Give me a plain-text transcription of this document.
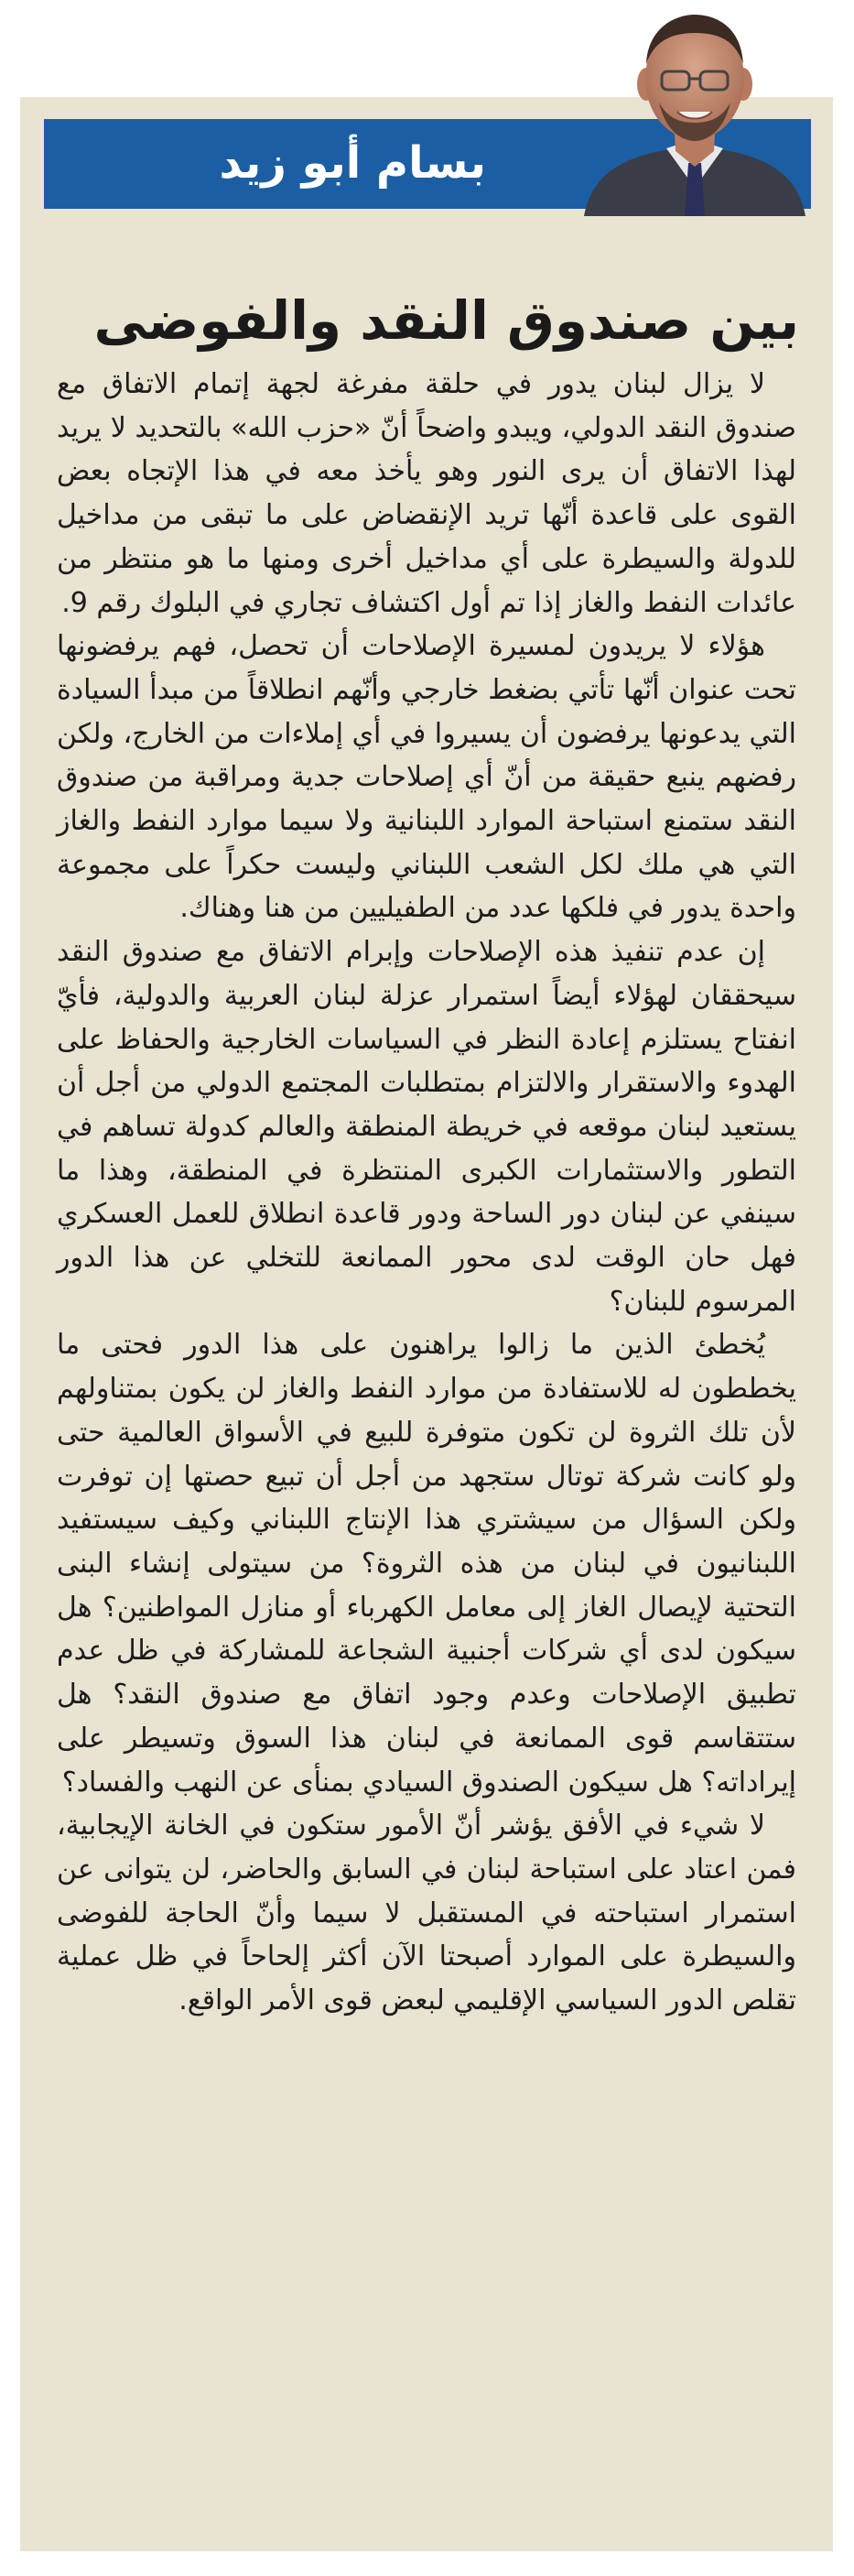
بسام أبو زيد
بين صندوق النقد والفوضى

لا يزال لبنان يدور في حلقة مفرغة لجهة إتمام الاتفاق مع صندوق النقد الدولي، ويبدو واضحاً أنّ «حزب الله» بالتحديد لا يريد لهذا الاتفاق أن يرى النور وهو يأخذ معه في هذا الإتجاه بعض القوى على قاعدة أنّها تريد الإنقضاض على ما تبقى من مداخيل للدولة والسيطرة على أي مداخيل أخرى ومنها ما هو منتظر من عائدات النفط والغاز إذا تم أول اكتشاف تجاري في البلوك رقم 9.

هؤلاء لا يريدون لمسيرة الإصلاحات أن تحصل، فهم يرفضونها تحت عنوان أنّها تأتي بضغط خارجي وأنّهم انطلاقاً من مبدأ السيادة التي يدعونها يرفضون أن يسيروا في أي إملاءات من الخارج، ولكن رفضهم ينبع حقيقة من أنّ أي إصلاحات جدية ومراقبة من صندوق النقد ستمنع استباحة الموارد اللبنانية ولا سيما موارد النفط والغاز التي هي ملك لكل الشعب اللبناني وليست حكراً على مجموعة واحدة يدور في فلكها عدد من الطفيليين من هنا وهناك.

إن عدم تنفيذ هذه الإصلاحات وإبرام الاتفاق مع صندوق النقد سيحققان لهؤلاء أيضاً استمرار عزلة لبنان العربية والدولية، فأيّ انفتاح يستلزم إعادة النظر في السياسات الخارجية والحفاظ على الهدوء والاستقرار والالتزام بمتطلبات المجتمع الدولي من أجل أن يستعيد لبنان موقعه في خريطة المنطقة والعالم كدولة تساهم في التطور والاستثمارات الكبرى المنتظرة في المنطقة، وهذا ما سينفي عن لبنان دور الساحة ودور قاعدة انطلاق للعمل العسكري فهل حان الوقت لدى محور الممانعة للتخلي عن هذا الدور المرسوم للبنان؟

يُخطئ الذين ما زالوا يراهنون على هذا الدور فحتى ما يخططون له للاستفادة من موارد النفط والغاز لن يكون بمتناولهم لأن تلك الثروة لن تكون متوفرة للبيع في الأسواق العالمية حتى ولو كانت شركة توتال ستجهد من أجل أن تبيع حصتها إن توفرت ولكن السؤال من سيشتري هذا الإنتاج اللبناني وكيف سيستفيد اللبنانيون في لبنان من هذه الثروة؟ من سيتولى إنشاء البنى التحتية لإيصال الغاز إلى معامل الكهرباء أو منازل المواطنين؟ هل سيكون لدى أي شركات أجنبية الشجاعة للمشاركة في ظل عدم تطبيق الإصلاحات وعدم وجود اتفاق مع صندوق النقد؟ هل ستتقاسم قوى الممانعة في لبنان هذا السوق وتسيطر على إيراداته؟ هل سيكون الصندوق السيادي بمنأى عن النهب والفساد؟

لا شيء في الأفق يؤشر أنّ الأمور ستكون في الخانة الإيجابية، فمن اعتاد على استباحة لبنان في السابق والحاضر، لن يتوانى عن استمرار استباحته في المستقبل لا سيما وأنّ الحاجة للفوضى والسيطرة على الموارد أصبحتا الآن أكثر إلحاحاً في ظل عملية تقلص الدور السياسي الإقليمي لبعض قوى الأمر الواقع.
